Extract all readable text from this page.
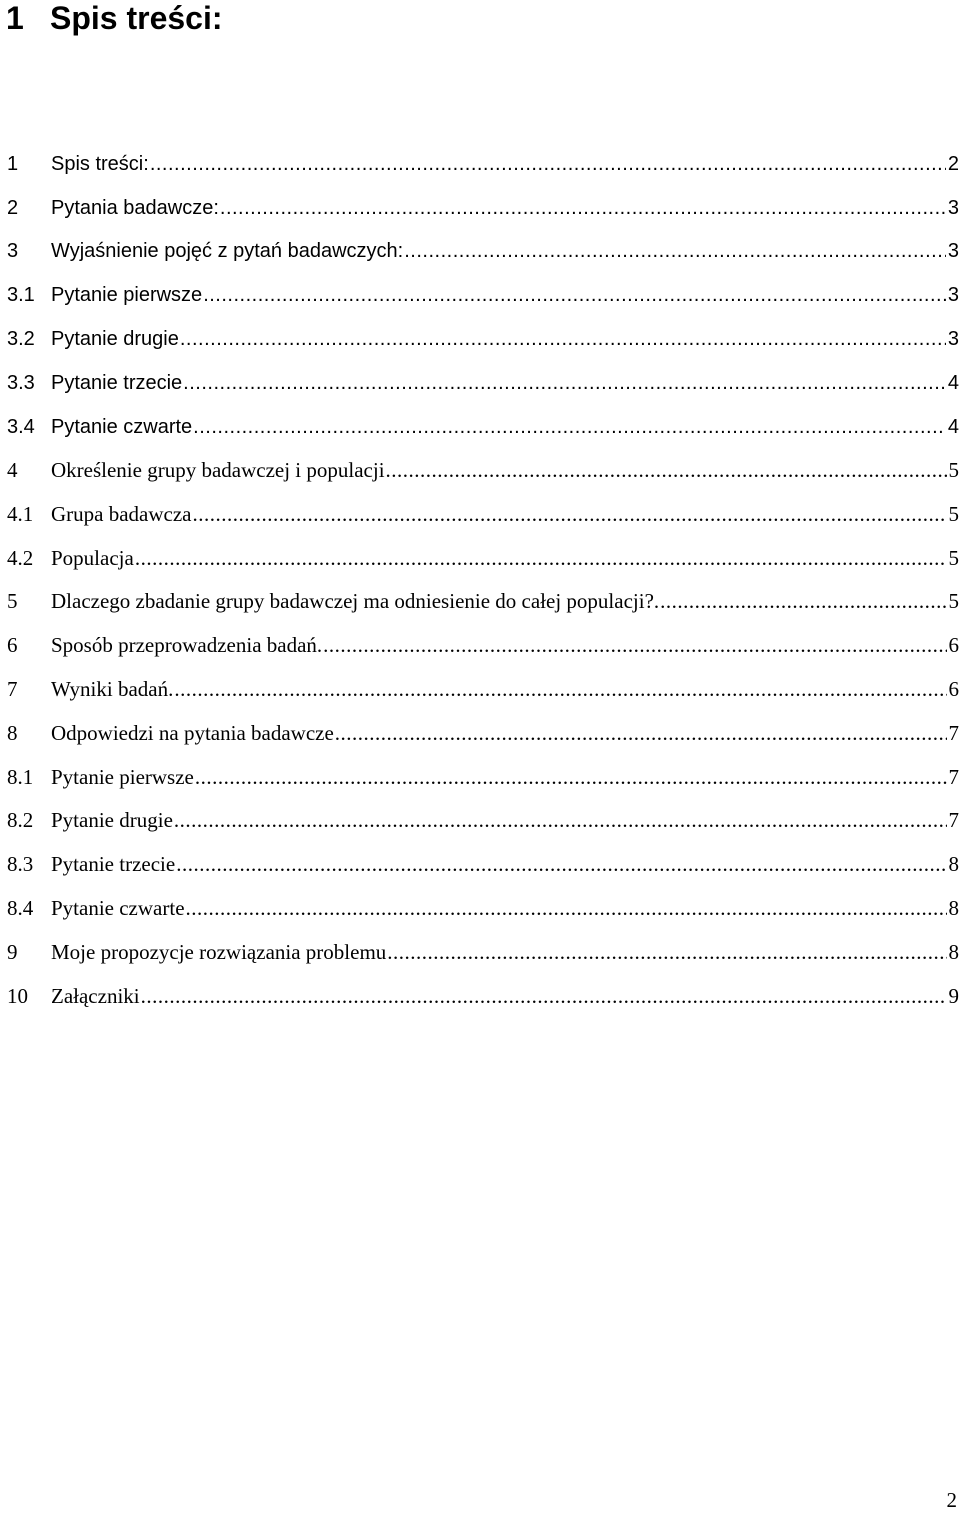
1 Spis treści:
1	Spis treści: .....	2
2	Pytania badawcze: .....	3
3	Wyjaśnienie pojęć z pytań badawczych: .....	3
3.1 Pytanie pierwsze .....	3
3.2 Pytanie drugie .....	3
3.3 Pytanie trzecie .....	4
3.4 Pytanie czwarte .....	4
4	Określenie grupy badawczej i populacji .....	5
4.1 Grupa badawcza .....	5
4.2 Populacja .....	5
5	Dlaczego zbadanie grupy badawczej ma odniesienie do całej populacji?. .....	5
6	Sposób przeprowadzenia badań. .....	6
7	Wyniki badań. .....	6
8	Odpowiedzi na pytania badawcze .....	7
8.1 Pytanie pierwsze .....	7
8.2 Pytanie drugie .....	7
8.3 Pytanie trzecie .....	8
8.4 Pytanie czwarte .....	8
9	Moje propozycje rozwiązania problemu .....	8
10	Załączniki .....	9
2
